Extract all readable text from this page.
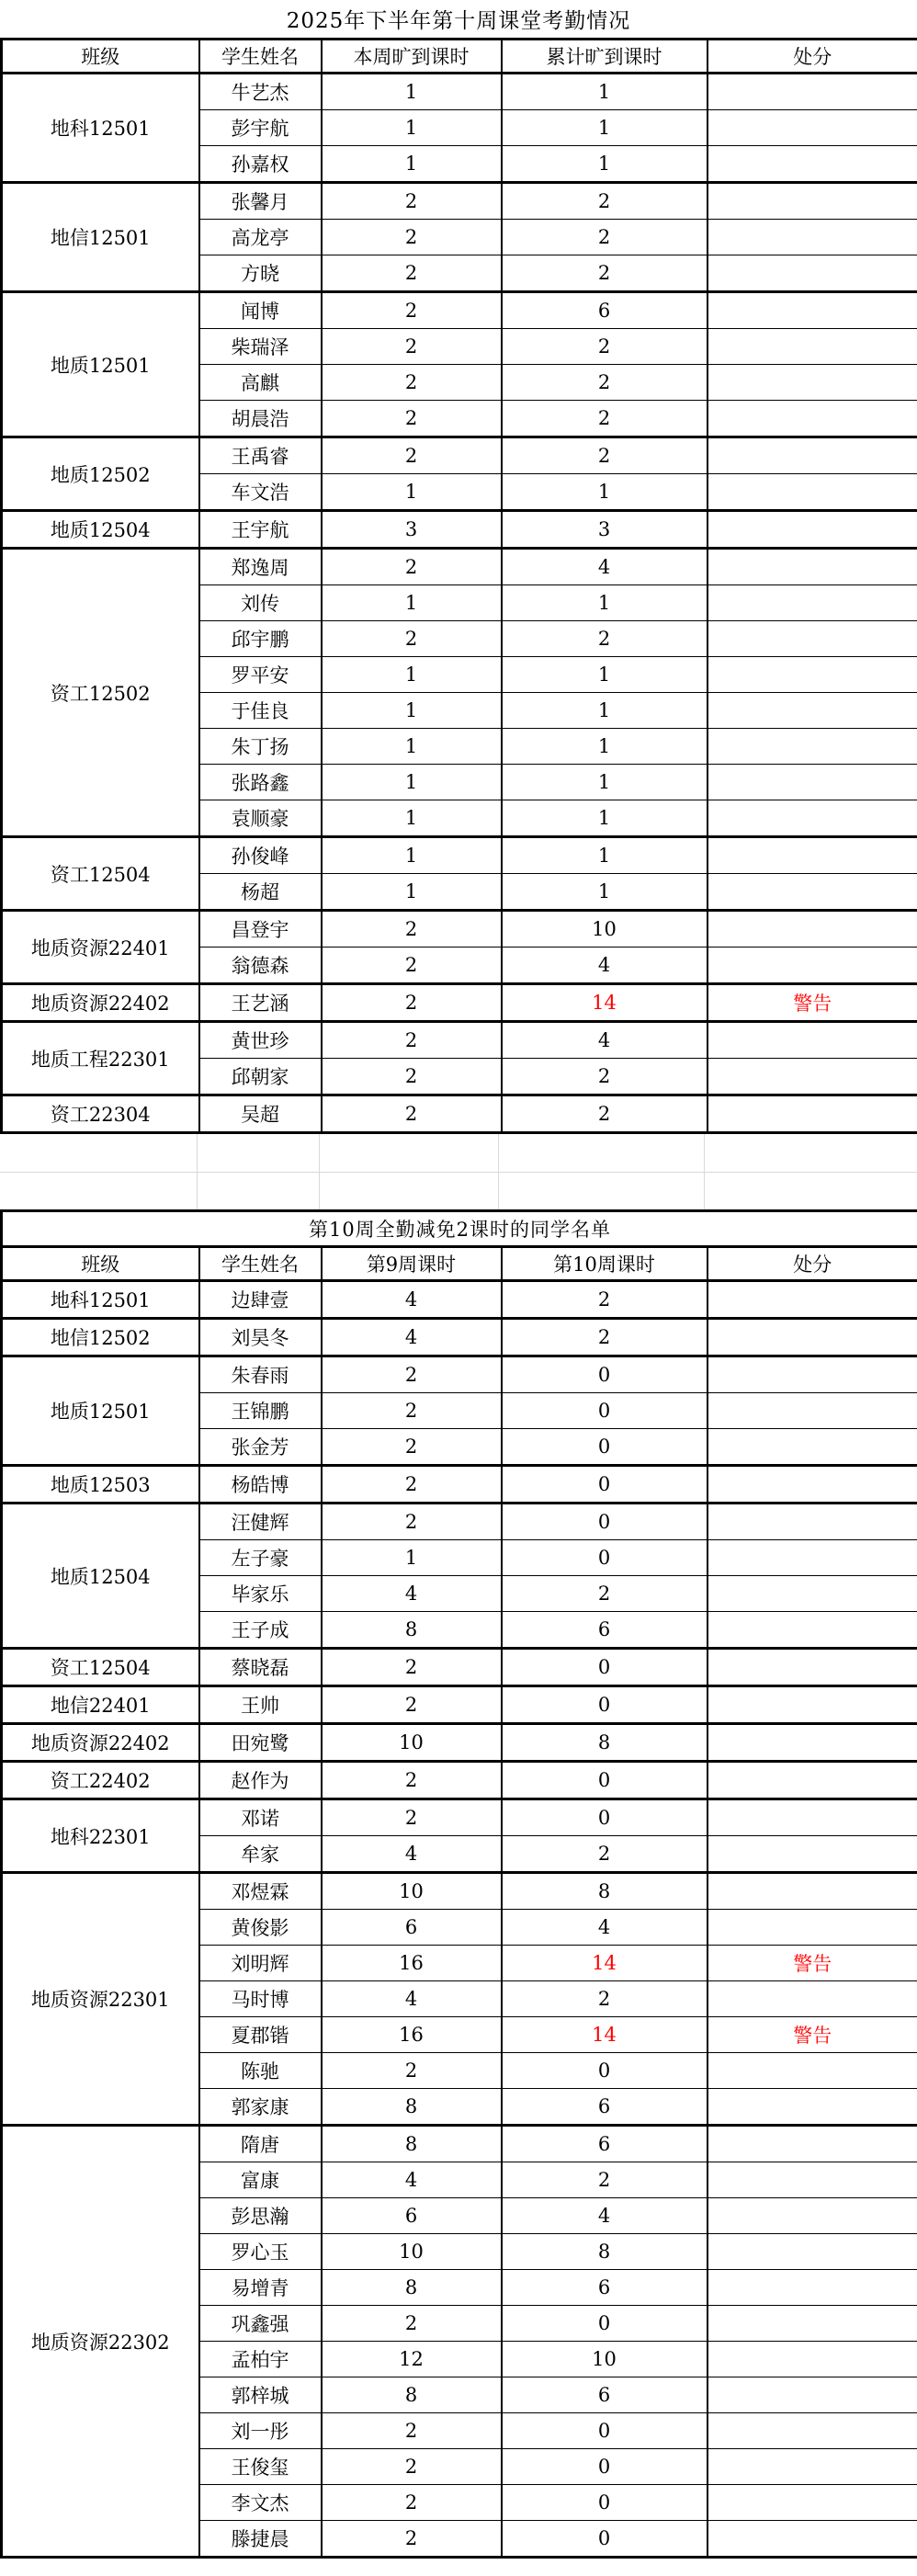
2025年下半年第十周课堂考勤情况
班级	学生姓名	本周旷到课时	累计旷到课时	处分
地科12501	牛艺杰	1	1	
	彭宇航	1	1	
	孙嘉权	1	1	
地信12501	张馨月	2	2	
	高龙亭	2	2	
	方晓	2	2	
地质12501	闻博	2	6	
	柴瑞泽	2	2	
	高麒	2	2	
	胡晨浩	2	2	
地质12502	王禹睿	2	2	
	车文浩	1	1	
地质12504	王宇航	3	3	
资工12502	郑逸周	2	4	
	刘传	1	1	
	邱宇鹏	2	2	
	罗平安	1	1	
	于佳良	1	1	
	朱丁扬	1	1	
	张路鑫	1	1	
	袁顺豪	1	1	
资工12504	孙俊峰	1	1	
	杨超	1	1	
地质资源22401	昌登宇	2	10	
	翁德森	2	4	
地质资源22402	王艺涵	2	14	警告
地质工程22301	黄世珍	2	4	
	邱朝家	2	2	
资工22304	吴超	2	2	
第10周全勤减免2课时的同学名单				
班级	学生姓名	第9周课时	第10周课时	处分
地科12501	边肆壹	4	2	
地信12502	刘昊冬	4	2	
地质12501	朱春雨	2	0	
	王锦鹏	2	0	
	张金芳	2	0	
地质12503	杨皓博	2	0	
地质12504	汪健辉	2	0	
	左子豪	1	0	
	毕家乐	4	2	
	王子成	8	6	
资工12504	蔡晓磊	2	0	
地信22401	王帅	2	0	
地质资源22402	田宛鹭	10	8	
资工22402	赵作为	2	0	
地科22301	邓诺	2	0	
	牟家	4	2	
地质资源22301	邓煜霖	10	8	
	黄俊影	6	4	
	刘明辉	16	14	警告
	马时博	4	2	
	夏郡锴	16	14	警告
	陈驰	2	0	
	郭家康	8	6	
地质资源22302	隋唐	8	6	
	富康	4	2	
	彭思瀚	6	4	
	罗心玉	10	8	
	易增青	8	6	
	巩鑫强	2	0	
	孟柏宇	12	10	
	郭梓城	8	6	
	刘一彤	2	0	
	王俊玺	2	0	
	李文杰	2	0	
	滕捷晨	2	0	
